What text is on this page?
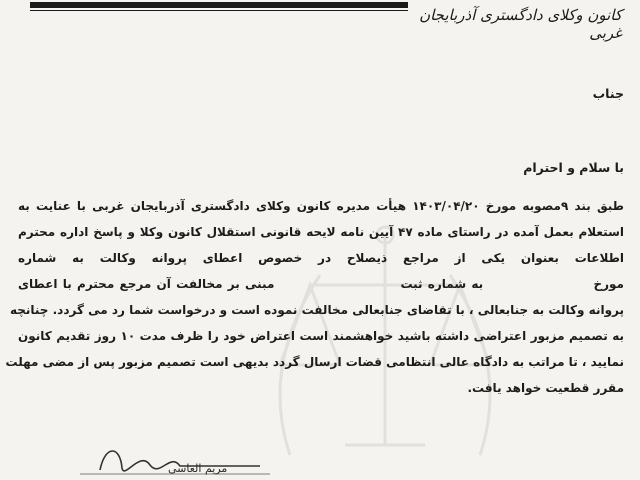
کانون وکلای دادگستری آذربایجان غربی
جناب
با سلام و احترام
طبق بند ۹مصوبه مورخ ۱۴۰۳/۰۴/۲۰ هیأت مدیره کانون وکلای دادگستری آذربایجان غربی با عنایت به
استعلام بعمل آمده در راستای ماده ۴۷ آیین نامه لایحه قانونی استقلال کانون وکلا و پاسخ اداره محترم
اطلاعات بعنوان یکی از مراجع ذیصلاح در خصوص اعطای پروانه وکالت به شماره
مورخ                     به شماره ثبت                        مبنی بر مخالفت آن مرجع محترم با اعطای
پروانه وکالت به جنابعالی ، با تقاضای جنابعالی مخالفت نموده است و درخواست شما رد می گردد. چنانچه
به تصمیم مزبور اعتراضی داشته باشید خواهشمند است اعتراض خود را ظرف مدت ۱۰ روز تقدیم کانون
نمایید ، تا مراتب به دادگاه عالی انتظامی قضات ارسال گردد بدیهی است تصمیم مزبور پس از مضی مهلت
مقرر قطعیت خواهد یافت.
مریم العاسی
